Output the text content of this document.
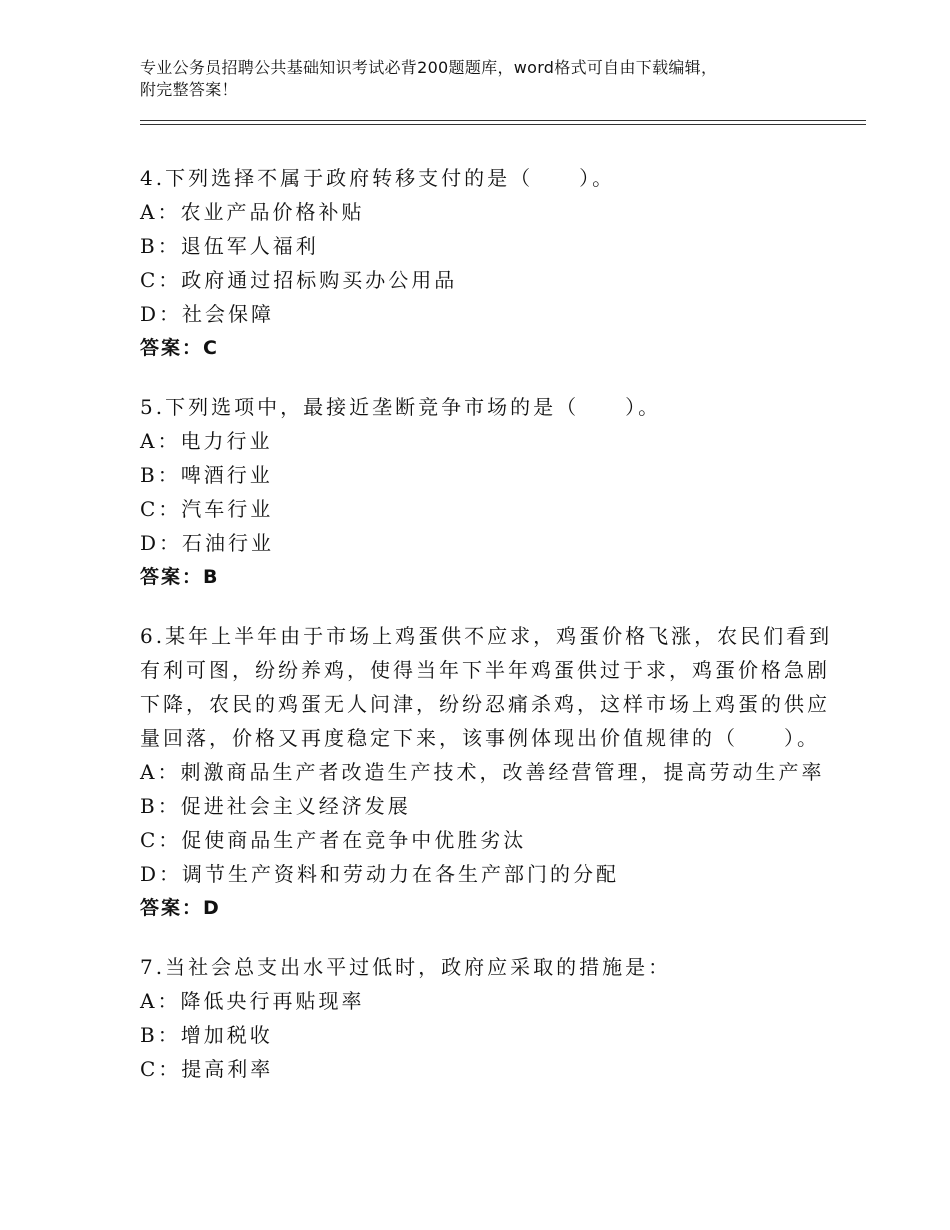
专业公务员招聘公共基础知识考试必背200题题库，word格式可自由下载编辑，
附完整答案！
4.下列选择不属于政府转移支付的是（　　）。
A：农业产品价格补贴
B：退伍军人福利
C：政府通过招标购买办公用品
D：社会保障
答案：C
5.下列选项中，最接近垄断竞争市场的是（　　）。
A：电力行业
B：啤酒行业
C：汽车行业
D：石油行业
答案：B
6.某年上半年由于市场上鸡蛋供不应求，鸡蛋价格飞涨，农民们看到
有利可图，纷纷养鸡，使得当年下半年鸡蛋供过于求，鸡蛋价格急剧
下降，农民的鸡蛋无人问津，纷纷忍痛杀鸡，这样市场上鸡蛋的供应
量回落，价格又再度稳定下来，该事例体现出价值规律的（　　）。
A：刺激商品生产者改造生产技术，改善经营管理，提高劳动生产率
B：促进社会主义经济发展
C：促使商品生产者在竞争中优胜劣汰
D：调节生产资料和劳动力在各生产部门的分配
答案：D
7.当社会总支出水平过低时，政府应采取的措施是：
A：降低央行再贴现率
B：增加税收
C：提高利率
